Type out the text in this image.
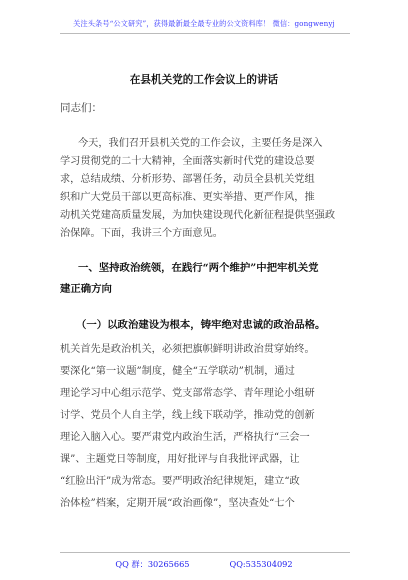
关注头条号“公文研究”，获得最新最全最专业的公文资料库！ 微信：gongwenyj
在县机关党的工作会议上的讲话
同志们：
今天，我们召开县机关党的工作会议，主要任务是深入
学习贯彻党的二十大精神，全面落实新时代党的建设总要
求，总结成绩、分析形势、部署任务，动员全县机关党组
织和广大党员干部以更高标准、更实举措、更严作风，推
动机关党建高质量发展，为加快建设现代化新征程提供坚强政
治保障。下面，我讲三个方面意见。
一、坚持政治统领，在践行“两个维护”中把牢机关党
建正确方向
（一）以政治建设为根本，铸牢绝对忠诚的政治品格。
机关首先是政治机关，必须把旗帜鲜明讲政治贯穿始终。
要深化“第一议题”制度，健全“五学联动”机制，通过
理论学习中心组示范学、党支部常态学、青年理论小组研
讨学、党员个人自主学，线上线下联动学，推动党的创新
理论入脑入心。要严肃党内政治生活，严格执行“三会一
课”、主题党日等制度，用好批评与自我批评武器，让
“红脸出汗”成为常态。要严明政治纪律规矩，建立“政
治体检”档案，定期开展“政治画像”，坚决查处“七个
QQ 群：30265665	QQ:535304092
